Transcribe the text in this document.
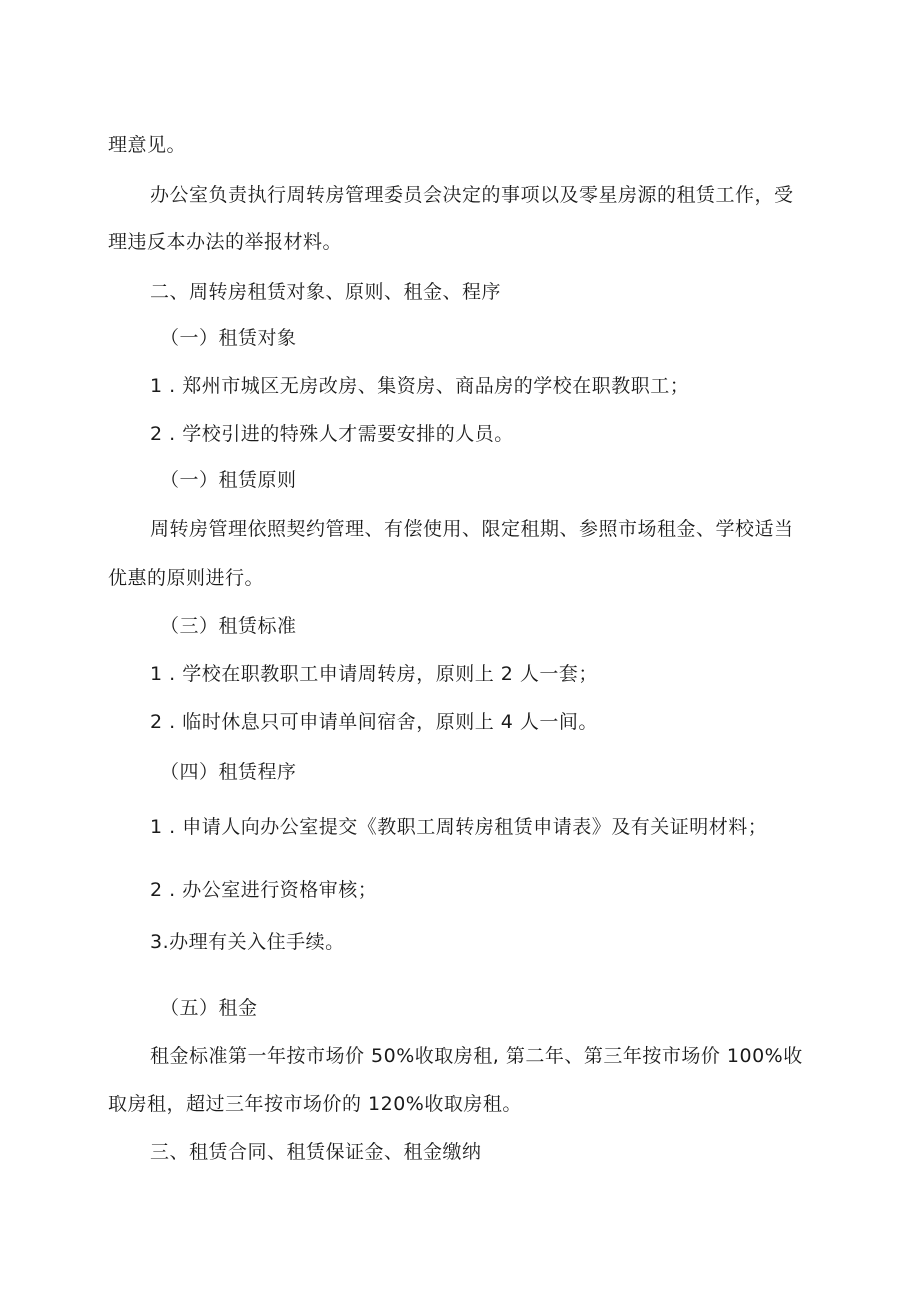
理意见。
办公室负责执行周转房管理委员会决定的事项以及零星房源的租赁工作，受
理违反本办法的举报材料。
二、周转房租赁对象、原则、租金、程序
（一）租赁对象
1 . 郑州市城区无房改房、集资房、商品房的学校在职教职工；
2 . 学校引进的特殊人才需要安排的人员。
（一）租赁原则
周转房管理依照契约管理、有偿使用、限定租期、参照市场租金、学校适当
优惠的原则进行。
（三）租赁标准
1 . 学校在职教职工申请周转房，原则上 2 人一套；
2 . 临时休息只可申请单间宿舍，原则上 4 人一间。
（四）租赁程序
1 . 申请人向办公室提交《教职工周转房租赁申请表》及有关证明材料；
2 . 办公室进行资格审核；
3.办理有关入住手续。
（五）租金
租金标准第一年按市场价 50%收取房租, 第二年、第三年按市场价 100%收
取房租，超过三年按市场价的 120%收取房租。
三、租赁合同、租赁保证金、租金缴纳
